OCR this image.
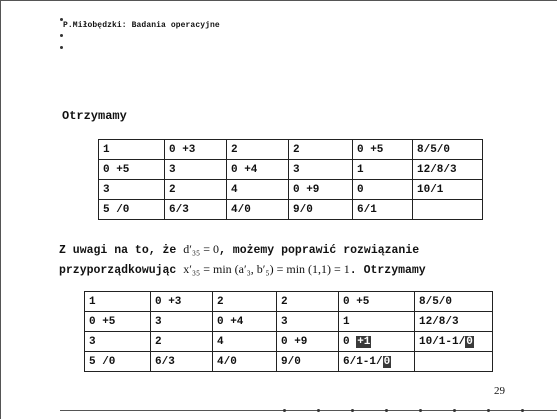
P.Miłobędzki: Badania operacyjne
Otrzymamy
1	0 +3	2	2	0 +5	8/5/0
0 +5	3	0 +4	3	1	12/8/3
3	2	4	0 +9	0	10/1
5 /0	6/3	4/0	9/0	6/1	
Z uwagi na to, że d′₃₅ = 0, możemy poprawić rozwiązanie
przyporządkowując x′₃₅ = min (a′₃, b′₅) = min (1,1) = 1. Otrzymamy
1	0 +3	2	2	0 +5	8/5/0
0 +5	3	0 +4	3	1	12/8/3
3	2	4	0 +9	0 +1	10/1-1/0
5 /0	6/3	4/0	9/0	6/1-1/0	
29
